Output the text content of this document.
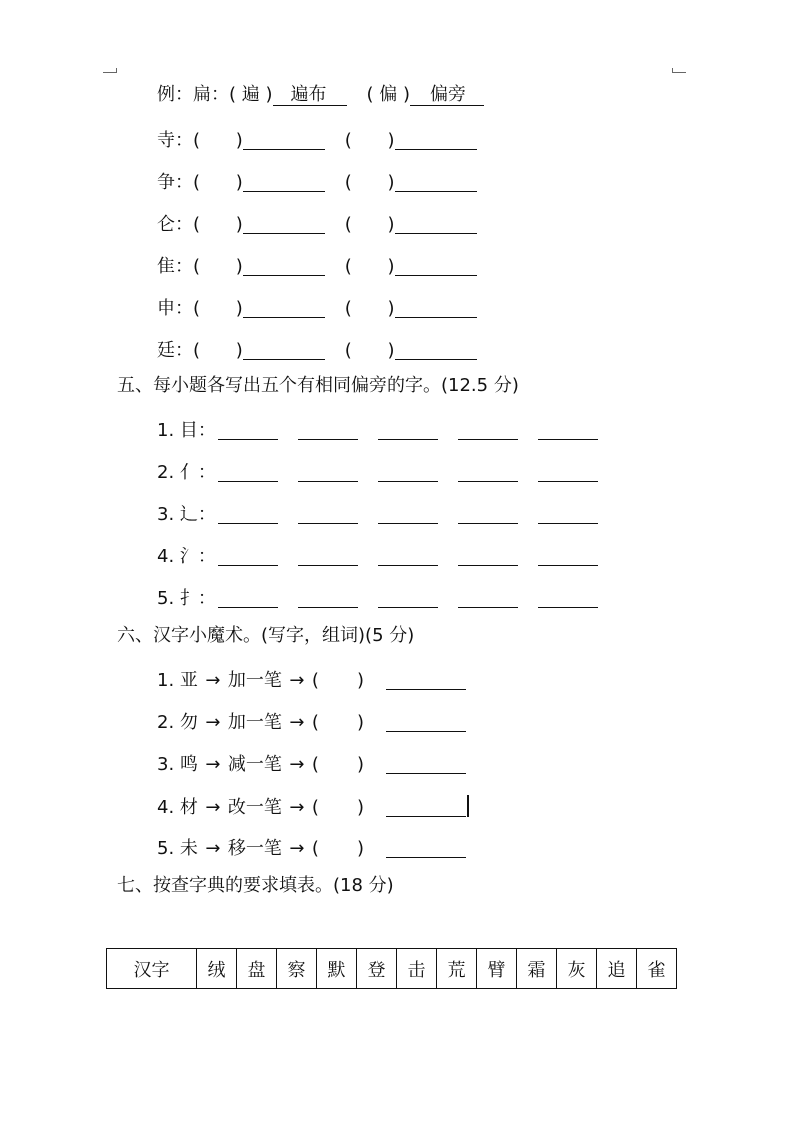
例：扁：( 遍 ) 遍布 ( 偏 ) 偏旁
寺：( )	( )
争：( )	( )
仑：( )	( )
隹：( )	( )
申：( )	( )
廷：( )	( )
五、每小题各写出五个有相同偏旁的字。(12.5 分)
1. 目：
2. 亻：
3. 辶：
4. 氵：
5. 扌：
六、汉字小魔术。(写字，组词)(5 分)
1. 亚 → 加一笔 → ( )
2. 勿 → 加一笔 → ( )
3. 鸣 → 减一笔 → ( )
4. 材 → 改一笔 → ( )
5. 未 → 移一笔 → ( )
七、按查字典的要求填表。(18 分)
汉字	绒	盘	察	默	登	击	荒	臂	霜	灰	追	雀
